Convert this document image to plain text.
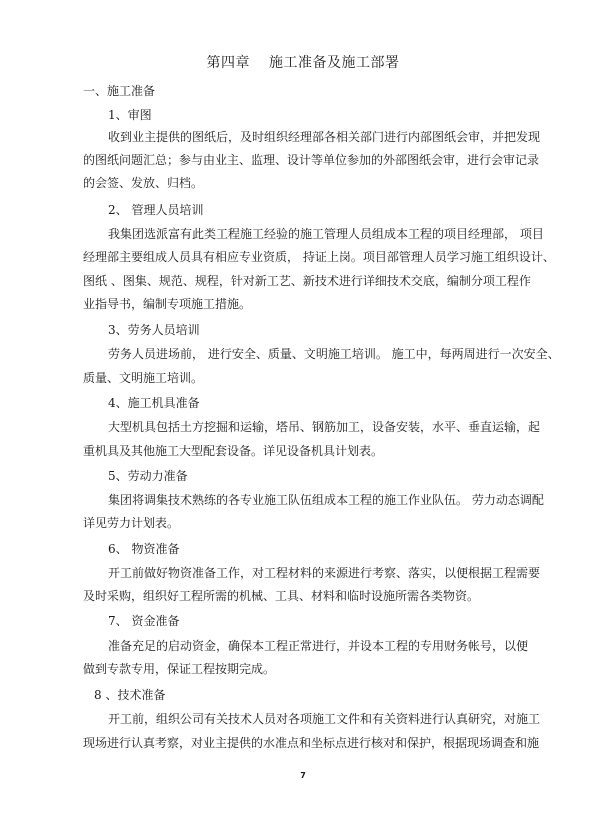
第四章 施工准备及施工部署
一、施工准备
1、审图
收到业主提供的图纸后，及时组织经理部各相关部门进行内部图纸会审，并把发现
的图纸问题汇总；参与由业主、监理、设计等单位参加的外部图纸会审，进行会审记录
的会签、发放、归档。
2、 管理人员培训
我集团选派富有此类工程施工经验的施工管理人员组成本工程的项目经理部， 项目
经理部主要组成人员具有相应专业资质， 持证上岗。项目部管理人员学习施工组织设计、
图纸 、图集、规范、规程，针对新工艺、新技术进行详细技术交底，编制分项工程作
业指导书，编制专项施工措施。
3、劳务人员培训
劳务人员进场前， 进行安全、质量、文明施工培训。 施工中，每两周进行一次安全、
质量、文明施工培训。
4、施工机具准备
大型机具包括土方挖掘和运输，塔吊、钢筋加工，设备安装，水平、垂直运输，起
重机具及其他施工大型配套设备。详见设备机具计划表。
5、劳动力准备
集团将调集技术熟练的各专业施工队伍组成本工程的施工作业队伍。 劳力动态调配
详见劳力计划表。
6、 物资准备
开工前做好物资准备工作，对工程材料的来源进行考察、落实，以便根据工程需要
及时采购，组织好工程所需的机械、工具、材料和临时设施所需各类物资。
7、 资金准备
准备充足的启动资金，确保本工程正常进行，并设本工程的专用财务帐号，以便
做到专款专用，保证工程按期完成。
8 、技术准备
开工前，组织公司有关技术人员对各项施工文件和有关资料进行认真研究，对施工
现场进行认真考察，对业主提供的水准点和坐标点进行核对和保护，根据现场调查和施
7
